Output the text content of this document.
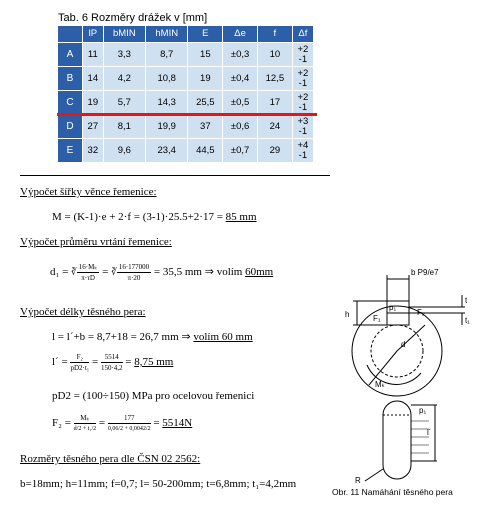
Tab. 6 Rozměry drážek v [mm]
	lP	bMIN	hMIN	E	Δe	f	Δf
A	11	3,3	8,7	15	±0,3	10	+2
-1

B	14	4,2	10,8	19	±0,4	12,5	+2
-1

C	19	5,7	14,3	25,5	±0,5	17	+2
-1

D	27	8,1	19,9	37	±0,6	24	+3
-1

E	32	9,6	23,4	44,5	±0,7	29	+4
-1
Výpočet šířky věnce řemenice:
M = (K-1)·e + 2·f = (3-1)·25.5+2·17 = 85 mm
Výpočet průměru vrtání řemenice:
d₁ = ∛ $\frac{\text{16·Mₖ}}{\pi\cdot\tau D}$ = ∛ $\frac{16\cdot 177000}{\pi\cdot 20} = 35,5$ mm ⇒ volím 60mm
Výpočet délky těsného pera:
l = l´+b = 8,7+18 = 26,7 mm ⇒ volím 60 mm
l´ = $\frac{\text{F₂}}{\text{pD2·t₁}} = \frac{5514}{150\cdot 4,2} = 8,75$ mm
pD2 = (100÷150) MPa pro ocelovou řemenici
$F_2 = \frac{\text{Mₖ}}{\text{d/2 + t₁/2}} = \frac{177}{0,06/2 + 0,0042/2} = 5514N$
Rozměry těsného pera dle ČSN 02 2562:
b=18mm; h=11mm; f=0,7; l= 50-200mm; t=6,8mm; t₁=4,2mm
b P9/e7
h
p₁
F₁
F₂
d
Mₖ
p₁
l´
R
t
t₁
Obr. 11 Namáhání těsného pera
